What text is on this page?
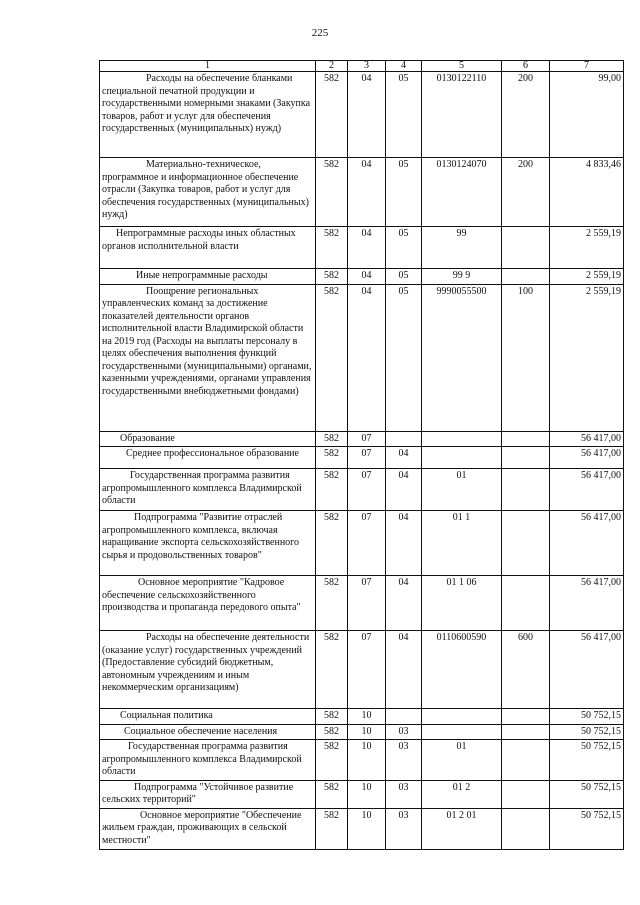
225
1	2	3	4	5	6	7
Расходы на обеспечение бланками специальной печатной продукции и государственными номерными знаками (Закупка товаров, работ и услуг для обеспечения государственных (муниципальных) нужд)	582	04	05	0130122110	200	99,00
Материально-техническое, программное и информационное обеспечение отрасли (Закупка товаров, работ и услуг для обеспечения государственных (муниципальных) нужд)	582	04	05	0130124070	200	4 833,46
Непрограммные расходы иных областных органов исполнительной власти	582	04	05	99		2 559,19
Иные непрограммные расходы	582	04	05	99 9		2 559,19
Поощрение региональных управленческих команд за достижение показателей деятельности органов исполнительной власти Владимирской области на 2019 год (Расходы на выплаты персоналу в целях обеспечения выполнения функций государственными (муниципальными) органами, казенными учреждениями, органами управления государственными внебюджетными фондами)	582	04	05	9990055500	100	2 559,19
Образование	582	07				56 417,00
Среднее профессиональное образование	582	07	04			56 417,00
Государственная программа развития агропромышленного комплекса Владимирской области	582	07	04	01		56 417,00
Подпрограмма "Развитие отраслей агропромышленного комплекса, включая наращивание экспорта сельскохозяйственного сырья и продовольственных товаров"	582	07	04	01 1		56 417,00
Основное мероприятие "Кадровое обеспечение сельскохозяйственного производства и пропаганда передового опыта"	582	07	04	01 1 06		56 417,00
Расходы на обеспечение деятельности (оказание услуг) государственных учреждений (Предоставление субсидий бюджетным, автономным учреждениям и иным некоммерческим организациям)	582	07	04	0110600590	600	56 417,00
Социальная политика	582	10				50 752,15
Социальное обеспечение населения	582	10	03			50 752,15
Государственная программа развития агропромышленного комплекса Владимирской области	582	10	03	01		50 752,15
Подпрограмма "Устойчивое развитие сельских территорий"	582	10	03	01 2		50 752,15
Основное мероприятие "Обеспечение жильем граждан, проживающих в сельской местности"	582	10	03	01 2 01		50 752,15
